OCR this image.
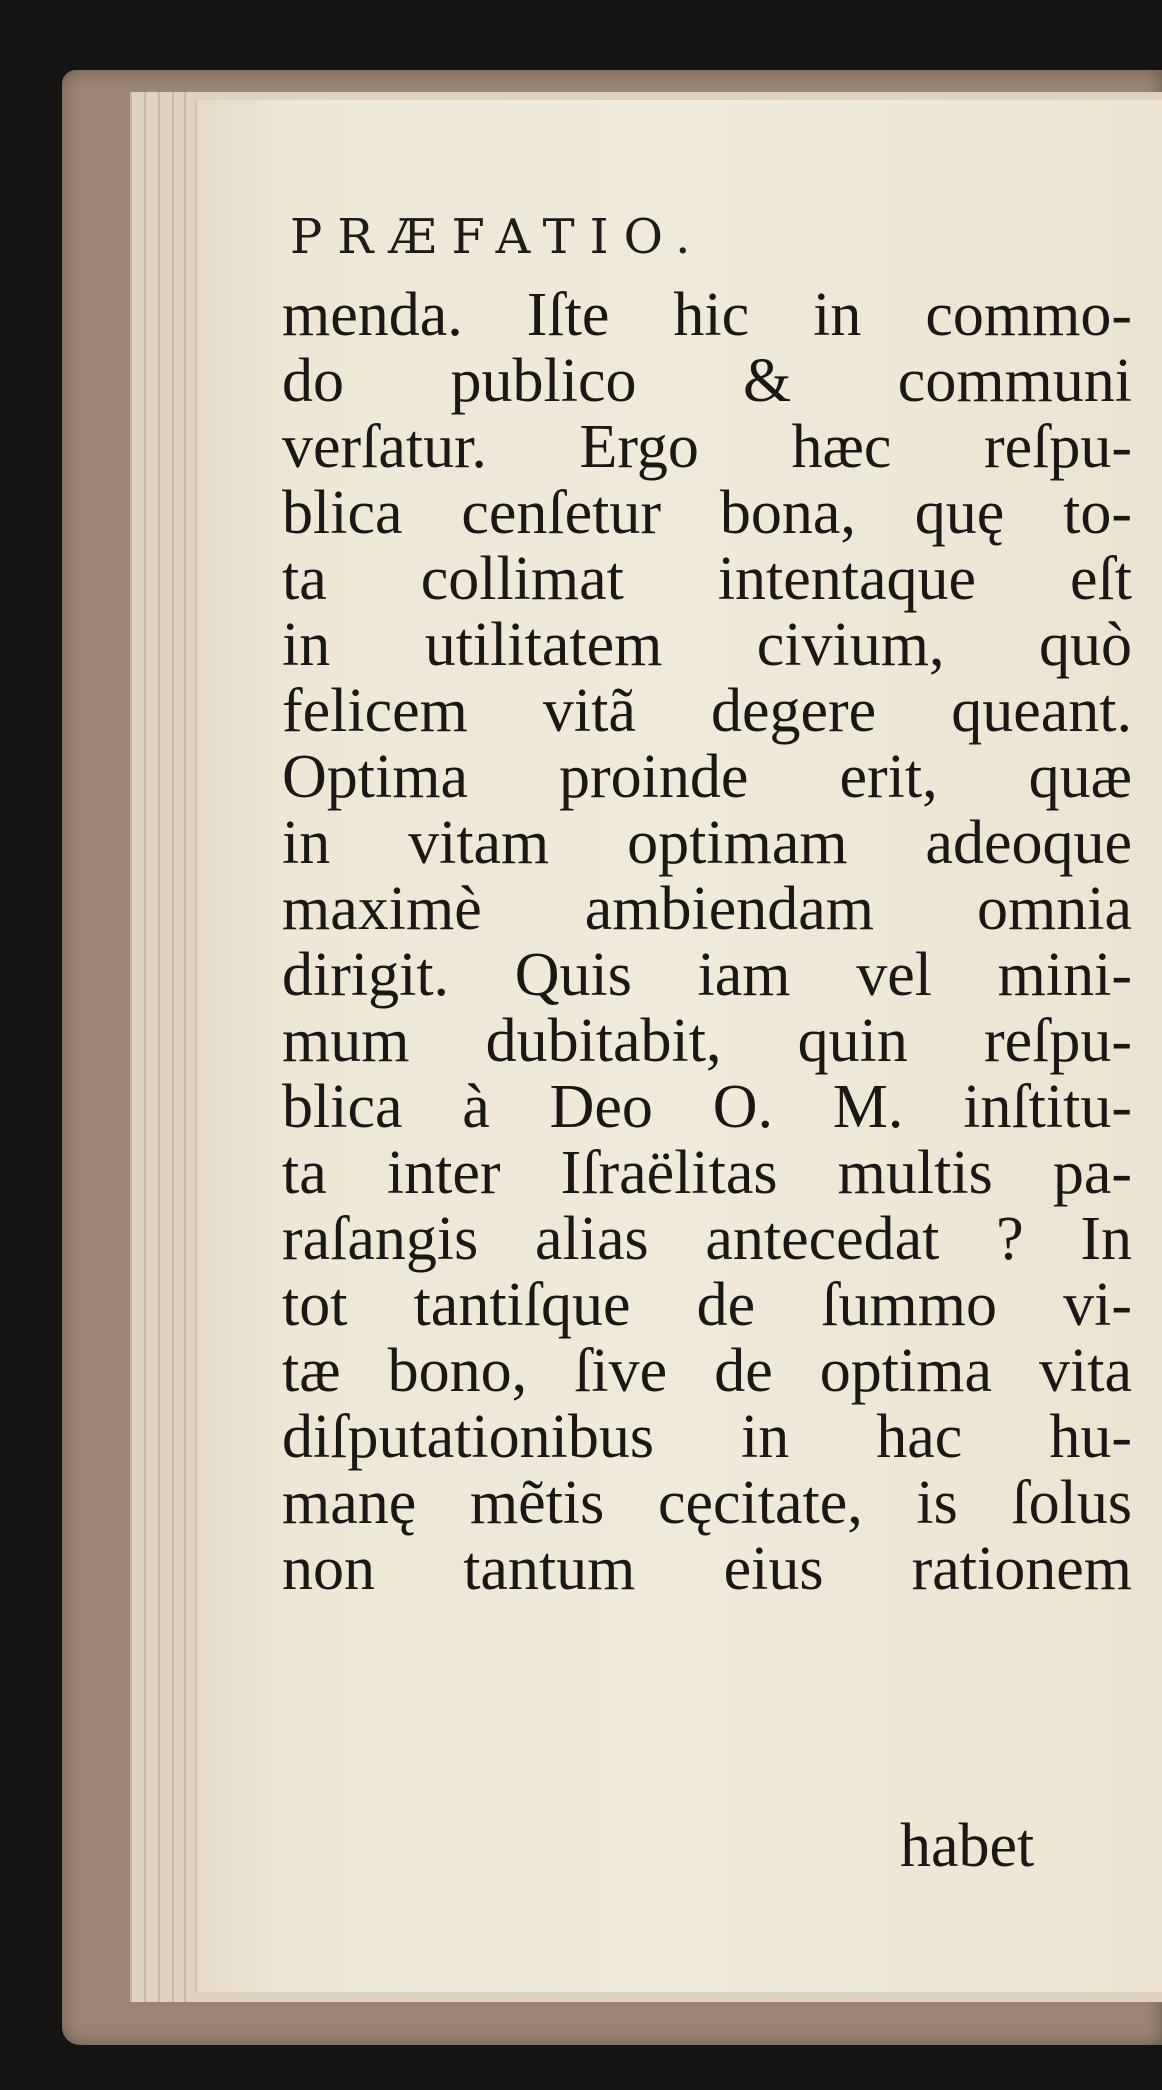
PRÆFATIO.
menda. Iſte hic in commo-
do publico & communi
verſatur. Ergo hæc reſpu-
blica cenſetur bona, quę to-
ta collimat intentaque eſt
in utilitatem civium, quò
felicem vitã degere queant.
Optima proinde erit, quæ
in vitam optimam adeoque
maximè ambiendam omnia
dirigit. Quis iam vel mini-
mum dubitabit, quin reſpu-
blica à Deo O. M. inſtitu-
ta inter Iſraëlitas multis pa-
raſangis alias antecedat ? In
tot tantiſque de ſummo vi-
tæ bono, ſive de optima vita
diſputationibus in hac hu-
manę mẽtis cęcitate, is ſolus
non tantum eius rationem
habet
